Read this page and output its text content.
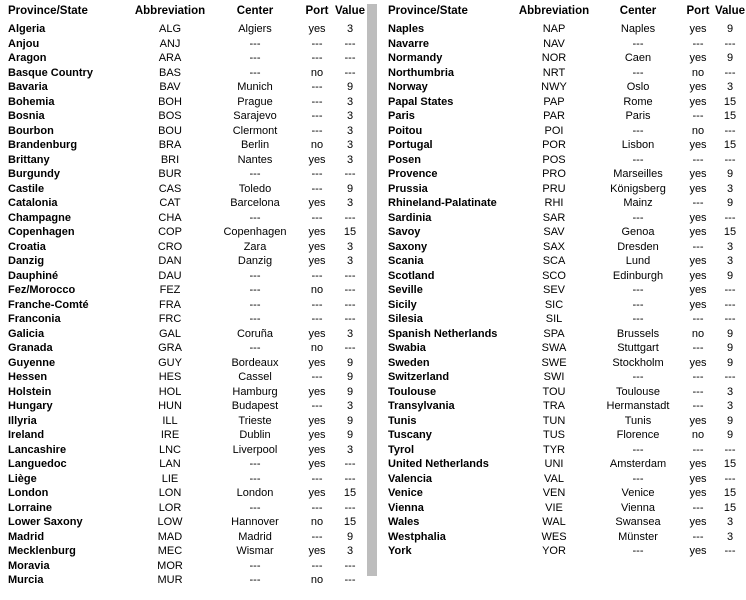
Province/State	Abbreviation	Center	Port	Value
Algeria	ALG	Algiers	yes	3
Anjou	ANJ	---	---	---
Aragon	ARA	---	---	---
Basque Country	BAS	---	no	---
Bavaria	BAV	Munich	---	9
Bohemia	BOH	Prague	---	3
Bosnia	BOS	Sarajevo	---	3
Bourbon	BOU	Clermont	---	3
Brandenburg	BRA	Berlin	no	3
Brittany	BRI	Nantes	yes	3
Burgundy	BUR	---	---	---
Castile	CAS	Toledo	---	9
Catalonia	CAT	Barcelona	yes	3
Champagne	CHA	---	---	---
Copenhagen	COP	Copenhagen	yes	15
Croatia	CRO	Zara	yes	3
Danzig	DAN	Danzig	yes	3
Dauphiné	DAU	---	---	---
Fez/Morocco	FEZ	---	no	---
Franche-Comté	FRA	---	---	---
Franconia	FRC	---	---	---
Galicia	GAL	Coruña	yes	3
Granada	GRA	---	no	---
Guyenne	GUY	Bordeaux	yes	9
Hessen	HES	Cassel	---	9
Holstein	HOL	Hamburg	yes	9
Hungary	HUN	Budapest	---	3
Illyria	ILL	Trieste	yes	9
Ireland	IRE	Dublin	yes	9
Lancashire	LNC	Liverpool	yes	3
Languedoc	LAN	---	yes	---
Liège	LIE	---	---	---
London	LON	London	yes	15
Lorraine	LOR	---	---	---
Lower Saxony	LOW	Hannover	no	15
Madrid	MAD	Madrid	---	9
Mecklenburg	MEC	Wismar	yes	3
Moravia	MOR	---	---	---
Murcia	MUR	---	no	---
Province/State	Abbreviation	Center	Port	Value
Naples	NAP	Naples	yes	9
Navarre	NAV	---	---	---
Normandy	NOR	Caen	yes	9
Northumbria	NRT	---	no	---
Norway	NWY	Oslo	yes	3
Papal States	PAP	Rome	yes	15
Paris	PAR	Paris	---	15
Poitou	POI	---	no	---
Portugal	POR	Lisbon	yes	15
Posen	POS	---	---	---
Provence	PRO	Marseilles	yes	9
Prussia	PRU	Königsberg	yes	3
Rhineland-Palatinate	RHI	Mainz	---	9
Sardinia	SAR	---	yes	---
Savoy	SAV	Genoa	yes	15
Saxony	SAX	Dresden	---	3
Scania	SCA	Lund	yes	3
Scotland	SCO	Edinburgh	yes	9
Seville	SEV	---	yes	---
Sicily	SIC	---	yes	---
Silesia	SIL	---	---	---
Spanish Netherlands	SPA	Brussels	no	9
Swabia	SWA	Stuttgart	---	9
Sweden	SWE	Stockholm	yes	9
Switzerland	SWI	---	---	---
Toulouse	TOU	Toulouse	---	3
Transylvania	TRA	Hermanstadt	---	3
Tunis	TUN	Tunis	yes	9
Tuscany	TUS	Florence	no	9
Tyrol	TYR	---	---	---
United Netherlands	UNI	Amsterdam	yes	15
Valencia	VAL	---	yes	---
Venice	VEN	Venice	yes	15
Vienna	VIE	Vienna	---	15
Wales	WAL	Swansea	yes	3
Westphalia	WES	Münster	---	3
York	YOR	---	yes	---
